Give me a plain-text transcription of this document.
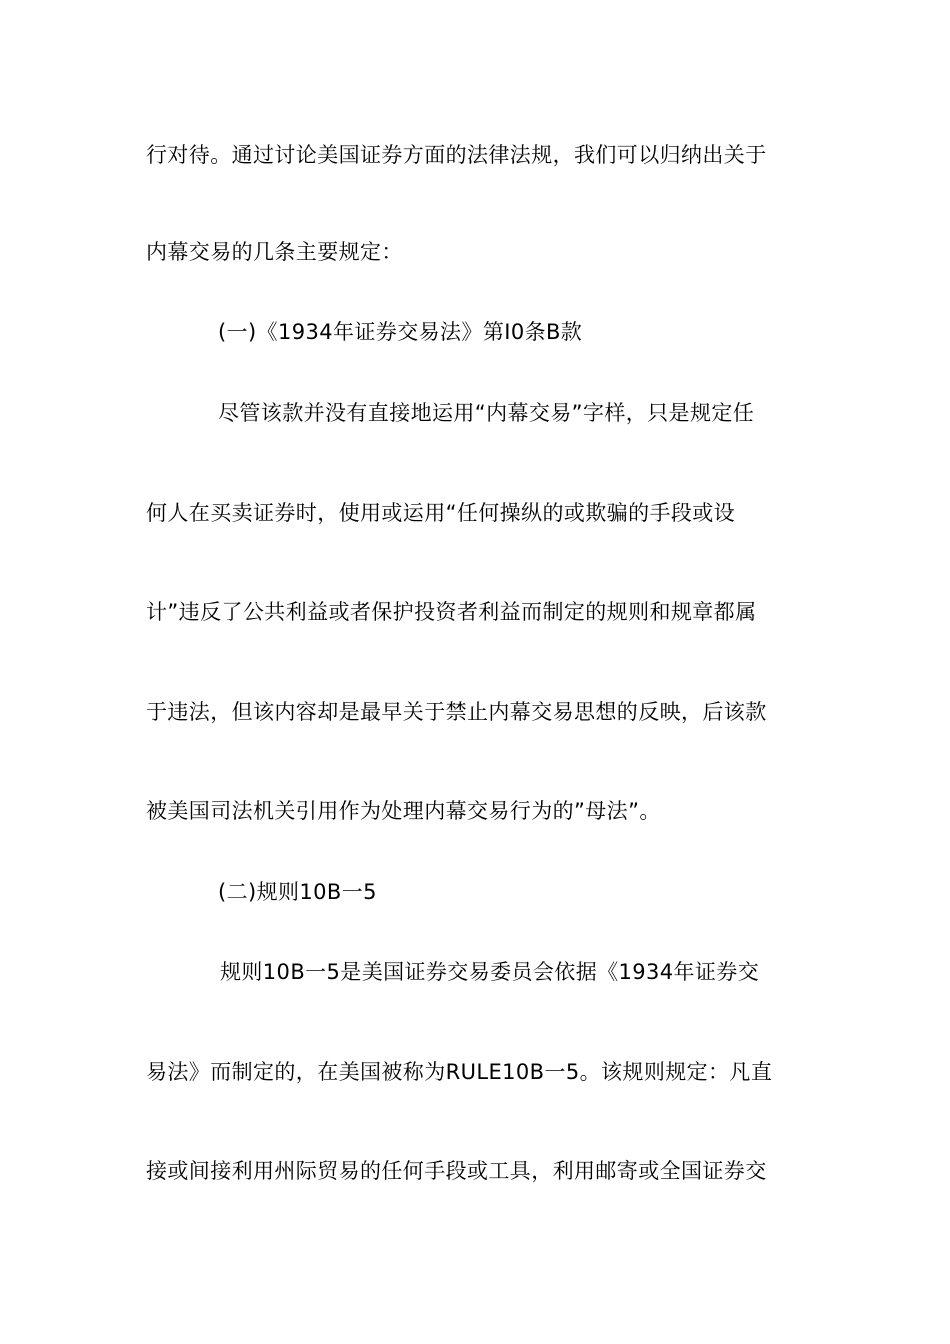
行对待。通过讨论美国证券方面的法律法规，我们可以归纳出关于
内幕交易的几条主要规定：
(一)《1934年证券交易法》第I0条B款
尽管该款并没有直接地运用“内幕交易”字样，只是规定任
何人在买卖证券时，使用或运用“任何操纵的或欺骗的手段或设
计”违反了公共利益或者保护投资者利益而制定的规则和规章都属
于违法，但该内容却是最早关于禁止内幕交易思想的反映，后该款
被美国司法机关引用作为处理内幕交易行为的”母法”。
(二)规则10B一5
规则10B一5是美国证券交易委员会依据《1934年证券交
易法》而制定的，在美国被称为RULE10B一5。该规则规定：凡直
接或间接利用州际贸易的任何手段或工具，利用邮寄或全国证券交
